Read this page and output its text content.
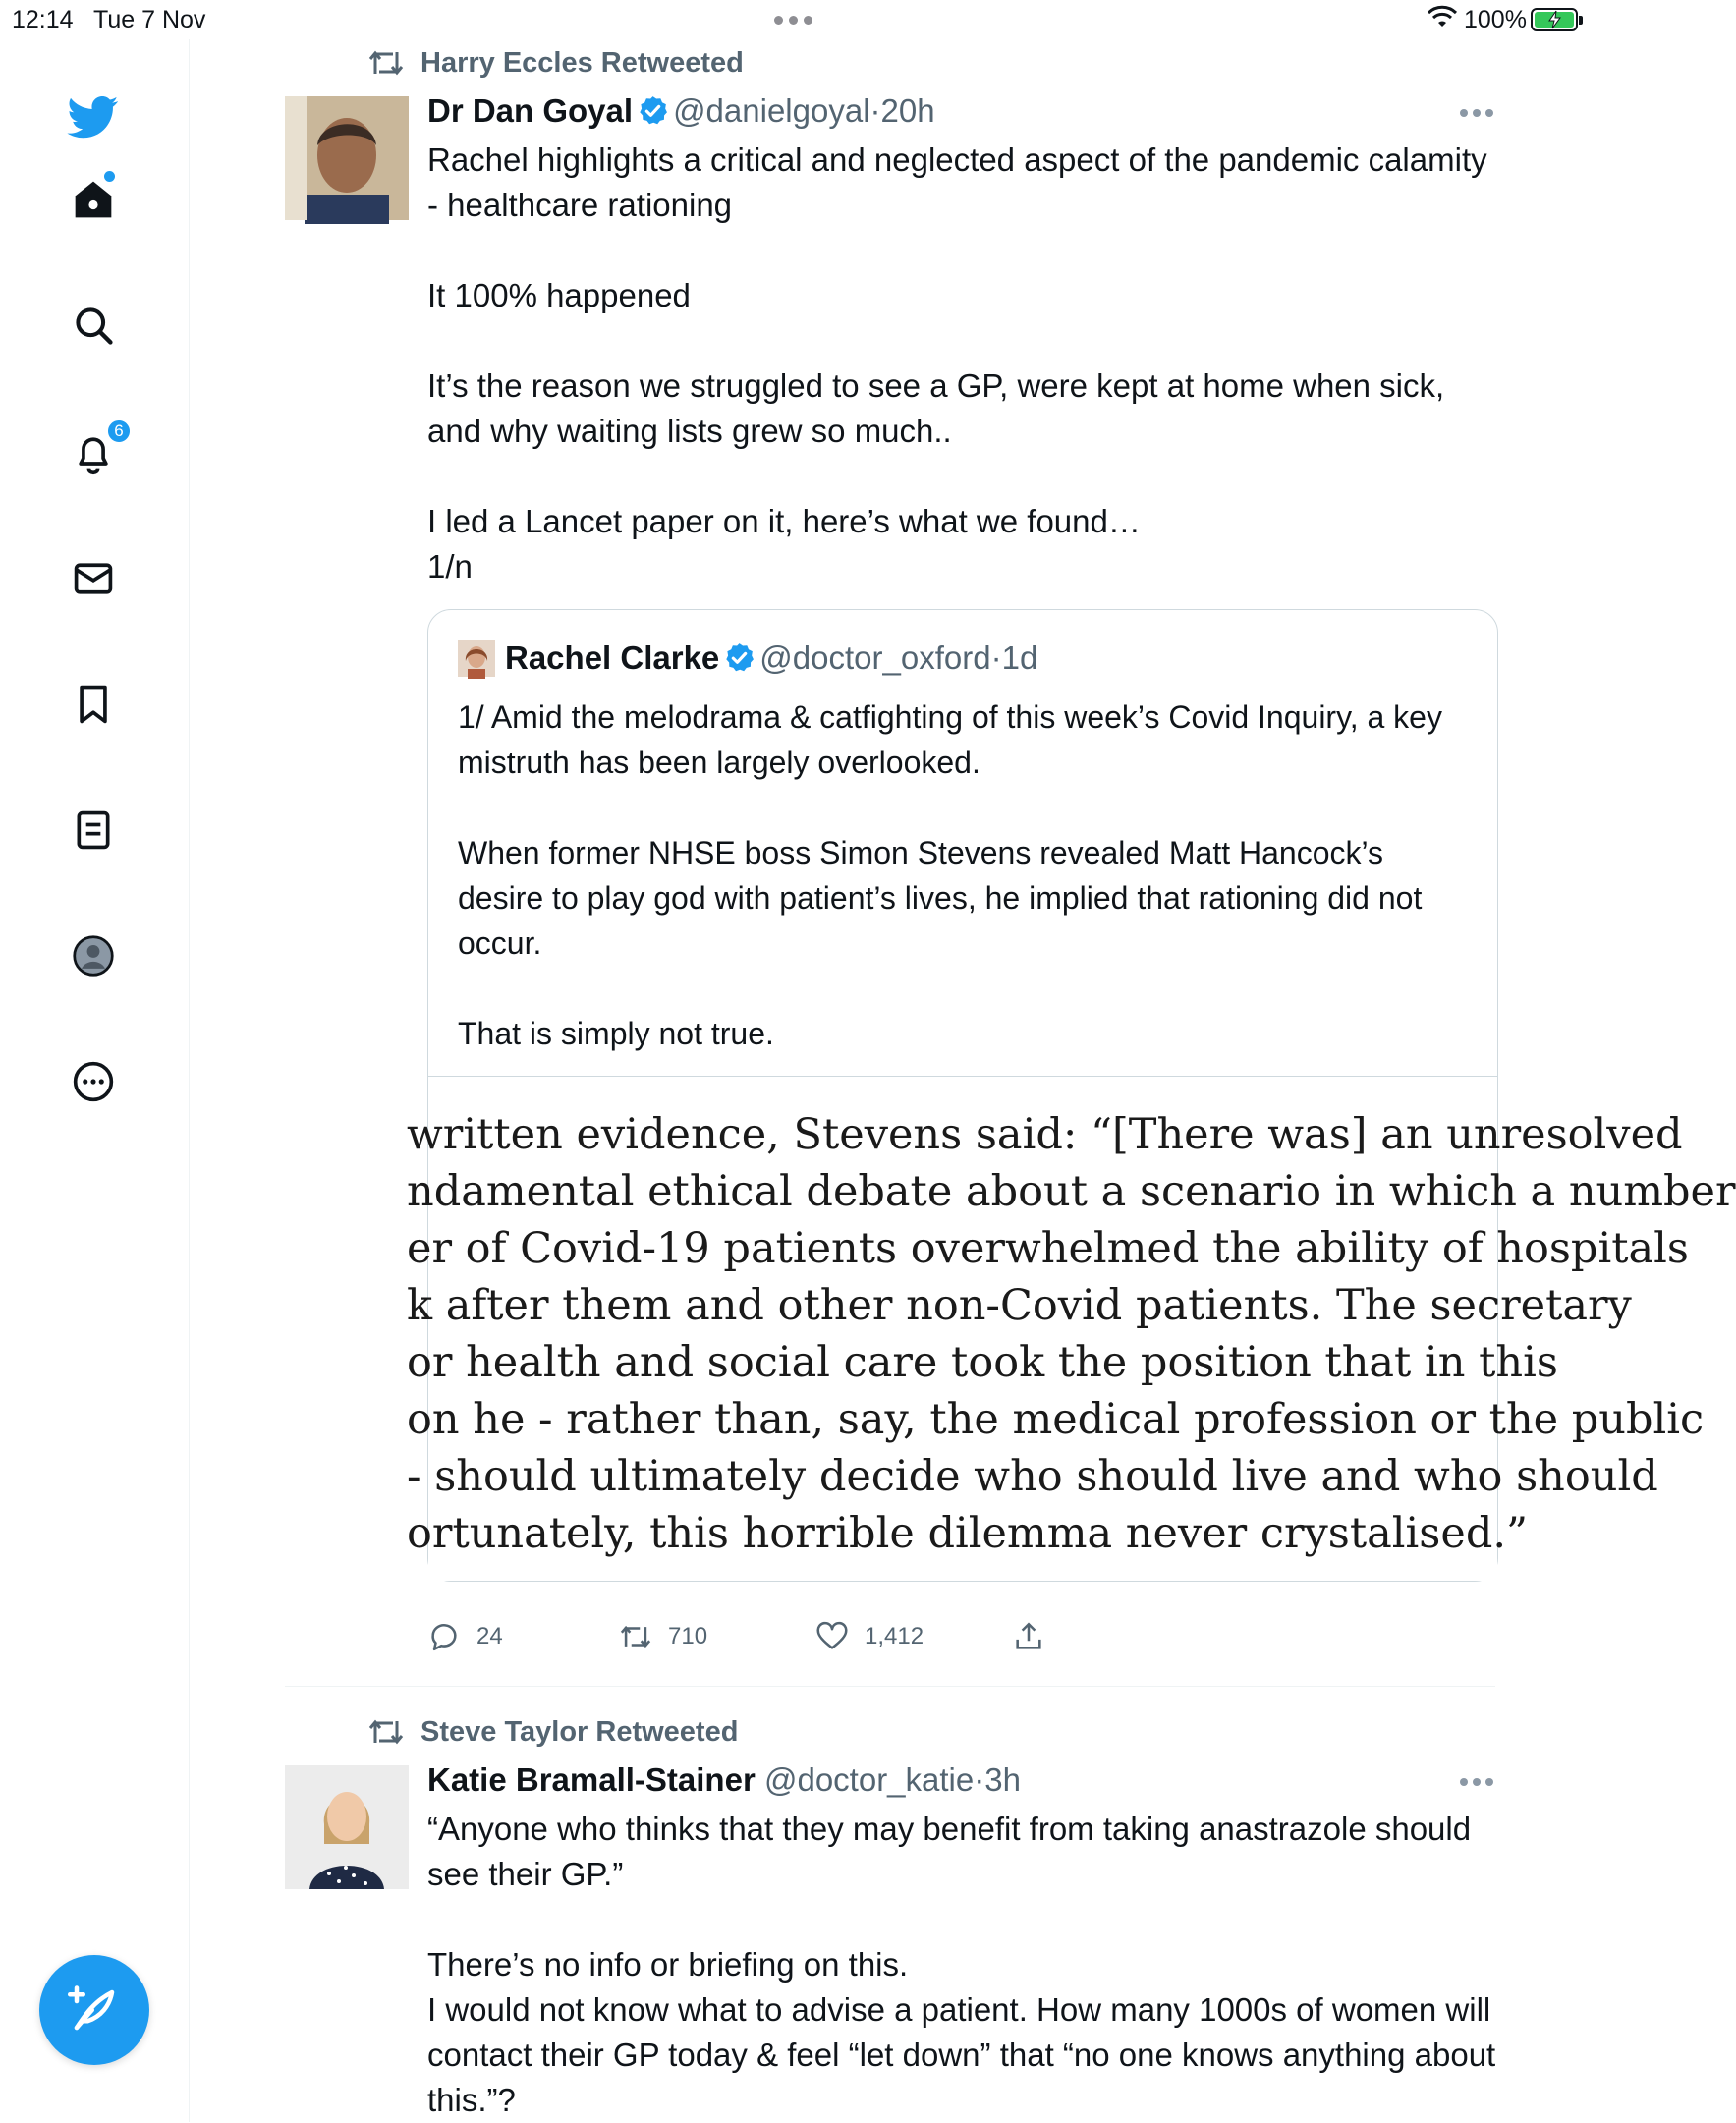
12:14 Tue 7 Nov	100%
6
Harry Eccles Retweeted
Dr Dan Goyal @danielgoyal·20h

Rachel highlights a critical and neglected aspect of the pandemic calamity - healthcare rationing

It 100% happened

It’s the reason we struggled to see a GP, were kept at home when sick, and why waiting lists grew so much..

I led a Lancet paper on it, here’s what we found…

1/n

Rachel Clarke @doctor_oxford·1d

1/ Amid the melodrama & catfighting of this week’s Covid Inquiry, a key mistruth has been largely overlooked.

When former NHSE boss Simon Stevens revealed Matt Hancock’s desire to play god with patient’s lives, he implied that rationing did not occur.

That is simply not true.

written evidence, Stevens said: “[There was] an unresolved
ndamental ethical debate about a scenario in which a number
er of Covid-19 patients overwhelmed the ability of hospitals
k after them and other non-Covid patients. The secretary
or health and social care took the position that in this
on he - rather than, say, the medical profession or the public
- should ultimately decide who should live and who should
ortunately, this horrible dilemma never crystalised.”
24	710	1,412
Steve Taylor Retweeted
Katie Bramall-Stainer @doctor_katie·3h

“Anyone who thinks that they may benefit from taking anastrazole should see their GP.”

There’s no info or briefing on this.

I would not know what to advise a patient. How many 1000s of women will contact their GP today & feel “let down” that “no one knows anything about this.”?
